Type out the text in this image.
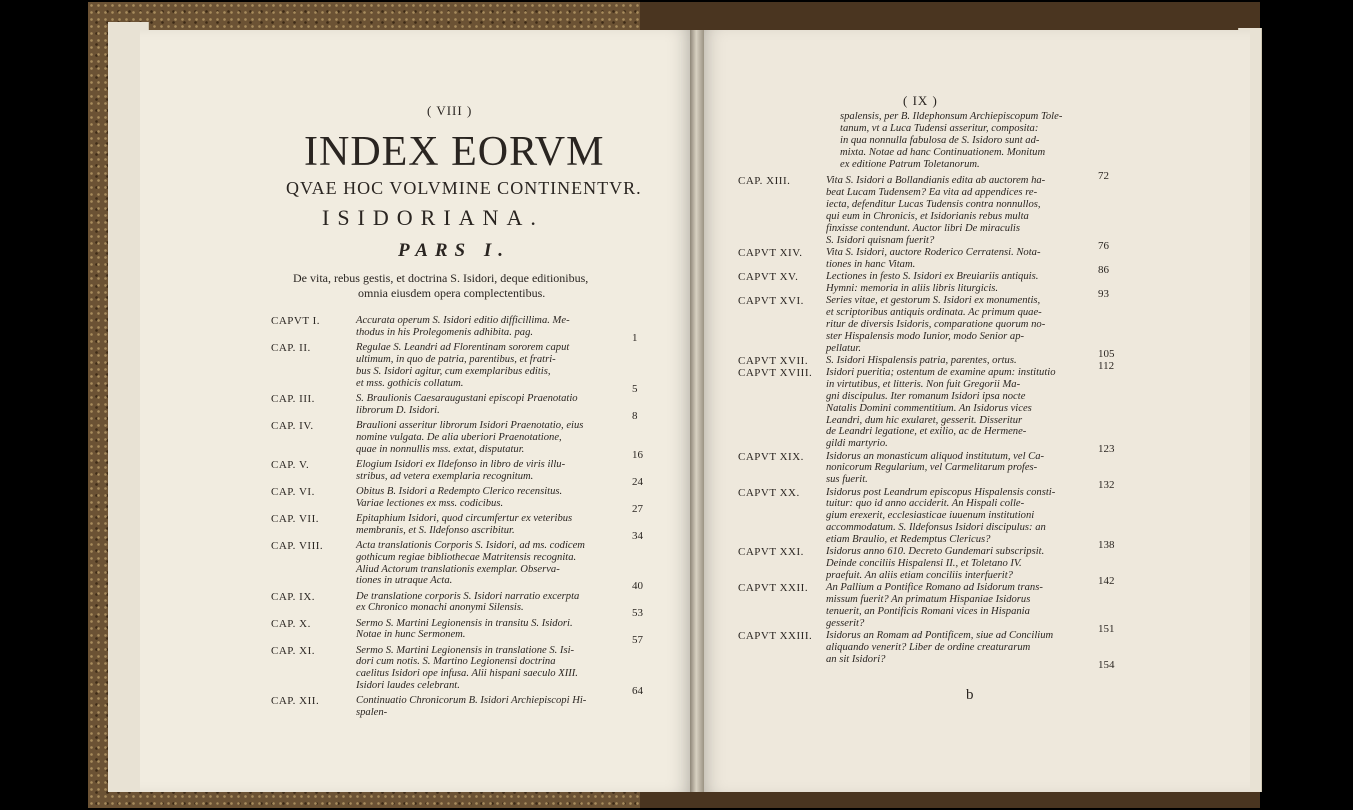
( VIII )
INDEX EORVM
QVAE HOC VOLVMINE CONTINENTVR.
ISIDORIANA.
PARS I.
De vita, rebus gestis, et doctrina S. Isidori, deque editionibus,
omnia eiusdem opera complectentibus.
CAPVT I.	Accurata operum S. Isidori editio difficillima. Me-
thodus in his Prolegomenis adhibita. pag.	1
CAP. II.	Regulae S. Leandri ad Florentinam sororem caput
ultimum, in quo de patria, parentibus, et fratri-
bus S. Isidori agitur, cum exemplaribus editis,
et mss. gothicis collatum.	5
CAP. III.	S. Braulionis Caesaraugustani episcopi Praenotatio
librorum D. Isidori.	8
CAP. IV.	Braulioni asseritur librorum Isidori Praenotatio, eius
nomine vulgata. De alia uberiori Praenotatione,
quae in nonnullis mss. extat, disputatur.	16
CAP. V.	Elogium Isidori ex Ildefonso in libro de viris illu-
stribus, ad vetera exemplaria recognitum.	24
CAP. VI.	Obitus B. Isidori a Redempto Clerico recensitus.
Variae lectiones ex mss. codicibus.	27
CAP. VII.	Epitaphium Isidori, quod circumfertur ex veteribus
membranis, et S. Ildefonso ascribitur.	34
CAP. VIII.	Acta translationis Corporis S. Isidori, ad ms. codicem
gothicum regiae bibliothecae Matritensis recognita.
Aliud Actorum translationis exemplar. Observa-
tiones in utraque Acta.	40
CAP. IX.	De translatione corporis S. Isidori narratio excerpta
ex Chronico monachi anonymi Silensis.	53
CAP. X.	Sermo S. Martini Legionensis in transitu S. Isidori.
Notae in hunc Sermonem.	57
CAP. XI.	Sermo S. Martini Legionensis in translatione S. Isi-
dori cum notis. S. Martino Legionensi doctrina
caelitus Isidori ope infusa. Alii hispani saeculo XIII.
Isidori laudes celebrant.	64
CAP. XII.	Continuatio Chronicorum B. Isidori Archiepiscopi Hi-
spalen-
( IX )
spalensis, per B. Ildephonsum Archiepiscopum Tole-
tanum, vt a Luca Tudensi asseritur, composita:
in qua nonnulla fabulosa de S. Isidoro sunt ad-
mixta. Notae ad hanc Continuationem. Monitum
ex editione Patrum Toletanorum.
72
CAP. XIII.	Vita S. Isidori a Bollandianis edita ab auctorem ha-
beat Lucam Tudensem? Ea vita ad appendices re-
iecta, defenditur Lucas Tudensis contra nonnullos,
qui eum in Chronicis, et Isidorianis rebus multa
finxisse contendunt. Auctor libri De miraculis
S. Isidori quisnam fuerit?	76
CAPVT XIV. Vita S. Isidori, auctore Roderico Cerratensi. Nota-
tiones in hanc Vitam.	86
CAPVT XV.	Lectiones in festo S. Isidori ex Breuiariis antiquis.
Hymni: memoria in aliis libris liturgicis.	93
CAPVT XVI. Series vitae, et gestorum S. Isidori ex monumentis,
et scriptoribus antiquis ordinata. Ac primum quae-
ritur de diversis Isidoris, comparatione quorum no-
ster Hispalensis modo Iunior, modo Senior ap-
pellatur.	105
CAPVT XVII. S. Isidori Hispalensis patria, parentes, ortus.	112
CAPVT XVIII. Isidori pueritia; ostentum de examine apum: institutio
in virtutibus, et litteris. Non fuit Gregorii Ma-
gni discipulus. Iter romanum Isidori ipsa nocte
Natalis Domini commentitium. An Isidorus vices
Leandri, dum hic exularet, gesserit. Disseritur
de Leandri legatione, et exilio, ac de Hermene-
gildi martyrio.	123
CAPVT XIX. Isidorus an monasticum aliquod institutum, vel Ca-
nonicorum Regularium, vel Carmelitarum profes-
sus fuerit.	132
CAPVT XX. Isidorus post Leandrum episcopus Hispalensis consti-
tuitur: quo id anno acciderit. An Hispali colle-
gium erexerit, ecclesiasticae iuuenum institutioni
accommodatum. S. Ildefonsus Isidori discipulus: an
etiam Braulio, et Redemptus Clericus?	138
CAPVT XXI. Isidorus anno 610. Decreto Gundemari subscripsit.
Deinde conciliis Hispalensi II., et Toletano IV.
praefuit. An aliis etiam conciliis interfuerit?	142
CAPVT XXII. An Pallium a Pontifice Romano ad Isidorum trans-
missum fuerit? An primatum Hispaniae Isidorus
tenuerit, an Pontificis Romani vices in Hispania
gesserit?	151
CAPVT XXIII. Isidorus an Romam ad Pontificem, siue ad Concilium
aliquando venerit? Liber de ordine creaturarum
an sit Isidori?	154
b
